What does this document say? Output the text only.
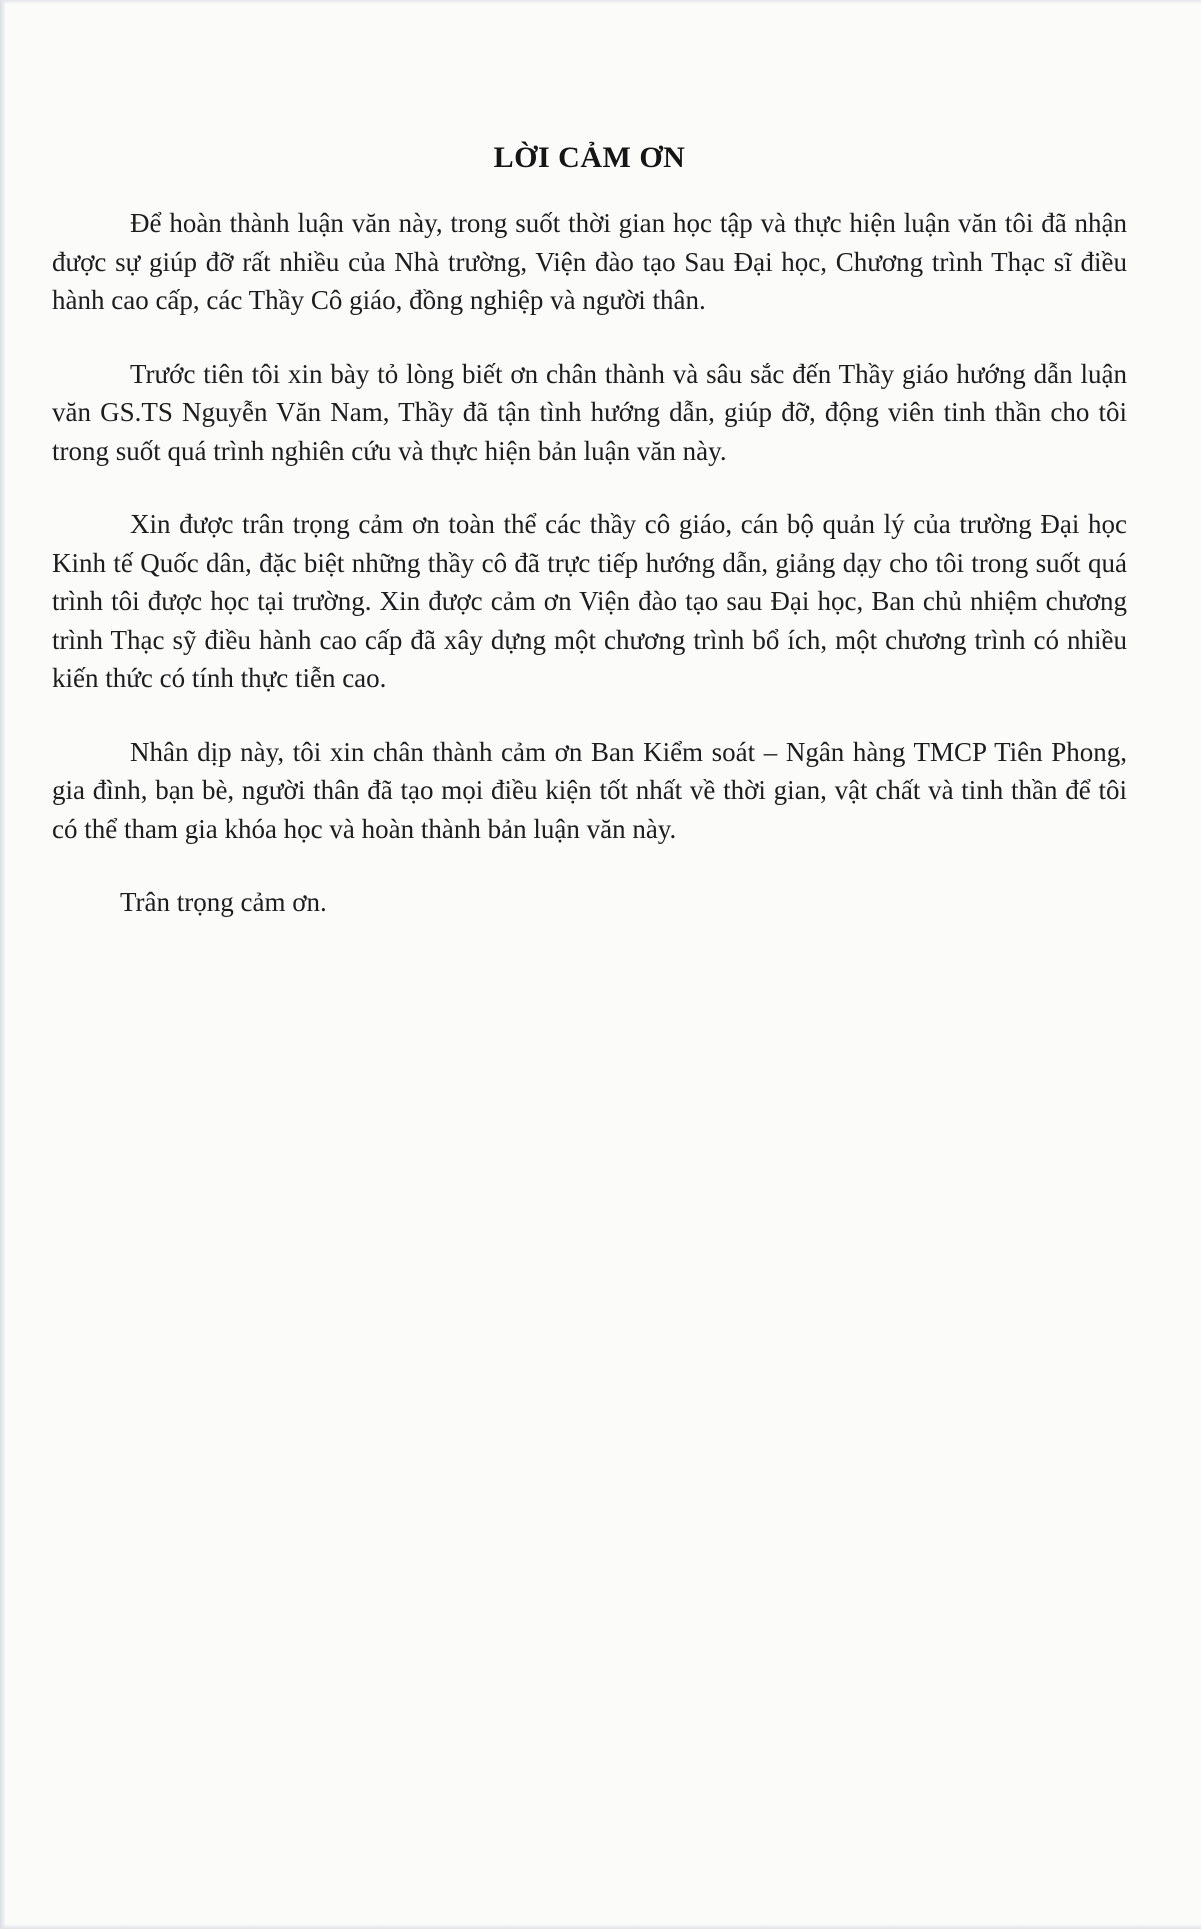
LỜI CẢM ƠN

Để hoàn thành luận văn này, trong suốt thời gian học tập và thực hiện luận văn tôi đã nhận được sự giúp đỡ rất nhiều của Nhà trường, Viện đào tạo Sau Đại học, Chương trình Thạc sĩ điều hành cao cấp, các Thầy Cô giáo, đồng nghiệp và người thân.

Trước tiên tôi xin bày tỏ lòng biết ơn chân thành và sâu sắc đến Thầy giáo hướng dẫn luận văn GS.TS Nguyễn Văn Nam, Thầy đã tận tình hướng dẫn, giúp đỡ, động viên tinh thần cho tôi trong suốt quá trình nghiên cứu và thực hiện bản luận văn này.

Xin được trân trọng cảm ơn toàn thể các thầy cô giáo, cán bộ quản lý của trường Đại học Kinh tế Quốc dân, đặc biệt những thầy cô đã trực tiếp hướng dẫn, giảng dạy cho tôi trong suốt quá trình tôi được học tại trường. Xin được cảm ơn Viện đào tạo sau Đại học, Ban chủ nhiệm chương trình Thạc sỹ điều hành cao cấp đã xây dựng một chương trình bổ ích, một chương trình có nhiều kiến thức có tính thực tiễn cao.

Nhân dịp này, tôi xin chân thành cảm ơn Ban Kiểm soát – Ngân hàng TMCP Tiên Phong, gia đình, bạn bè, người thân đã tạo mọi điều kiện tốt nhất về thời gian, vật chất và tinh thần để tôi có thể tham gia khóa học và hoàn thành bản luận văn này.

Trân trọng cảm ơn.
